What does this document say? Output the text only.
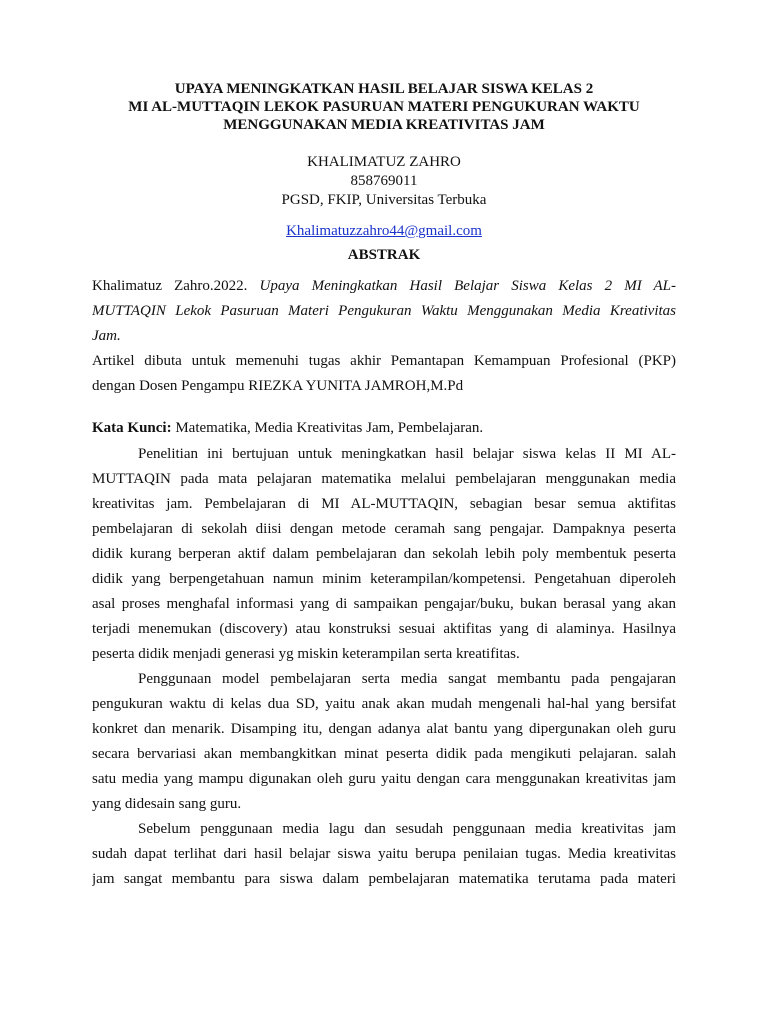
UPAYA MENINGKATKAN HASIL BELAJAR SISWA KELAS 2
MI AL-MUTTAQIN LEKOK PASURUAN MATERI PENGUKURAN WAKTU
MENGGUNAKAN MEDIA KREATIVITAS JAM
KHALIMATUZ ZAHRO
858769011
PGSD, FKIP, Universitas Terbuka
Khalimatuzzahro44@gmail.com
ABSTRAK
Khalimatuz Zahro.2022. Upaya Meningkatkan Hasil Belajar Siswa Kelas 2 MI AL-
MUTTAQIN Lekok Pasuruan Materi Pengukuran Waktu Menggunakan Media Kreativitas
Jam.
Artikel dibuta untuk memenuhi tugas akhir Pemantapan Kemampuan Profesional (PKP)
dengan Dosen Pengampu RIEZKA YUNITA JAMROH,M.Pd
Kata Kunci: Matematika, Media Kreativitas Jam, Pembelajaran.
Penelitian ini bertujuan untuk meningkatkan hasil belajar siswa kelas II MI AL-
MUTTAQIN pada mata pelajaran matematika melalui pembelajaran menggunakan media
kreativitas jam. Pembelajaran di MI AL-MUTTAQIN, sebagian besar semua aktifitas
pembelajaran di sekolah diisi dengan metode ceramah sang pengajar. Dampaknya peserta
didik kurang berperan aktif dalam pembelajaran dan sekolah lebih poly membentuk peserta
didik yang berpengetahuan namun minim keterampilan/kompetensi. Pengetahuan diperoleh
asal proses menghafal informasi yang di sampaikan pengajar/buku, bukan berasal yang akan
terjadi menemukan (discovery) atau konstruksi sesuai aktifitas yang di alaminya. Hasilnya
peserta didik menjadi generasi yg miskin keterampilan serta kreatifitas.
Penggunaan model pembelajaran serta media sangat membantu pada pengajaran
pengukuran waktu di kelas dua SD, yaitu anak akan mudah mengenali hal-hal yang bersifat
konkret dan menarik. Disamping itu, dengan adanya alat bantu yang dipergunakan oleh guru
secara bervariasi akan membangkitkan minat peserta didik pada mengikuti pelajaran. salah
satu media yang mampu digunakan oleh guru yaitu dengan cara menggunakan kreativitas jam
yang didesain sang guru.
Sebelum penggunaan media lagu dan sesudah penggunaan media kreativitas jam
sudah dapat terlihat dari hasil belajar siswa yaitu berupa penilaian tugas. Media kreativitas
jam sangat membantu para siswa dalam pembelajaran matematika terutama pada materi
